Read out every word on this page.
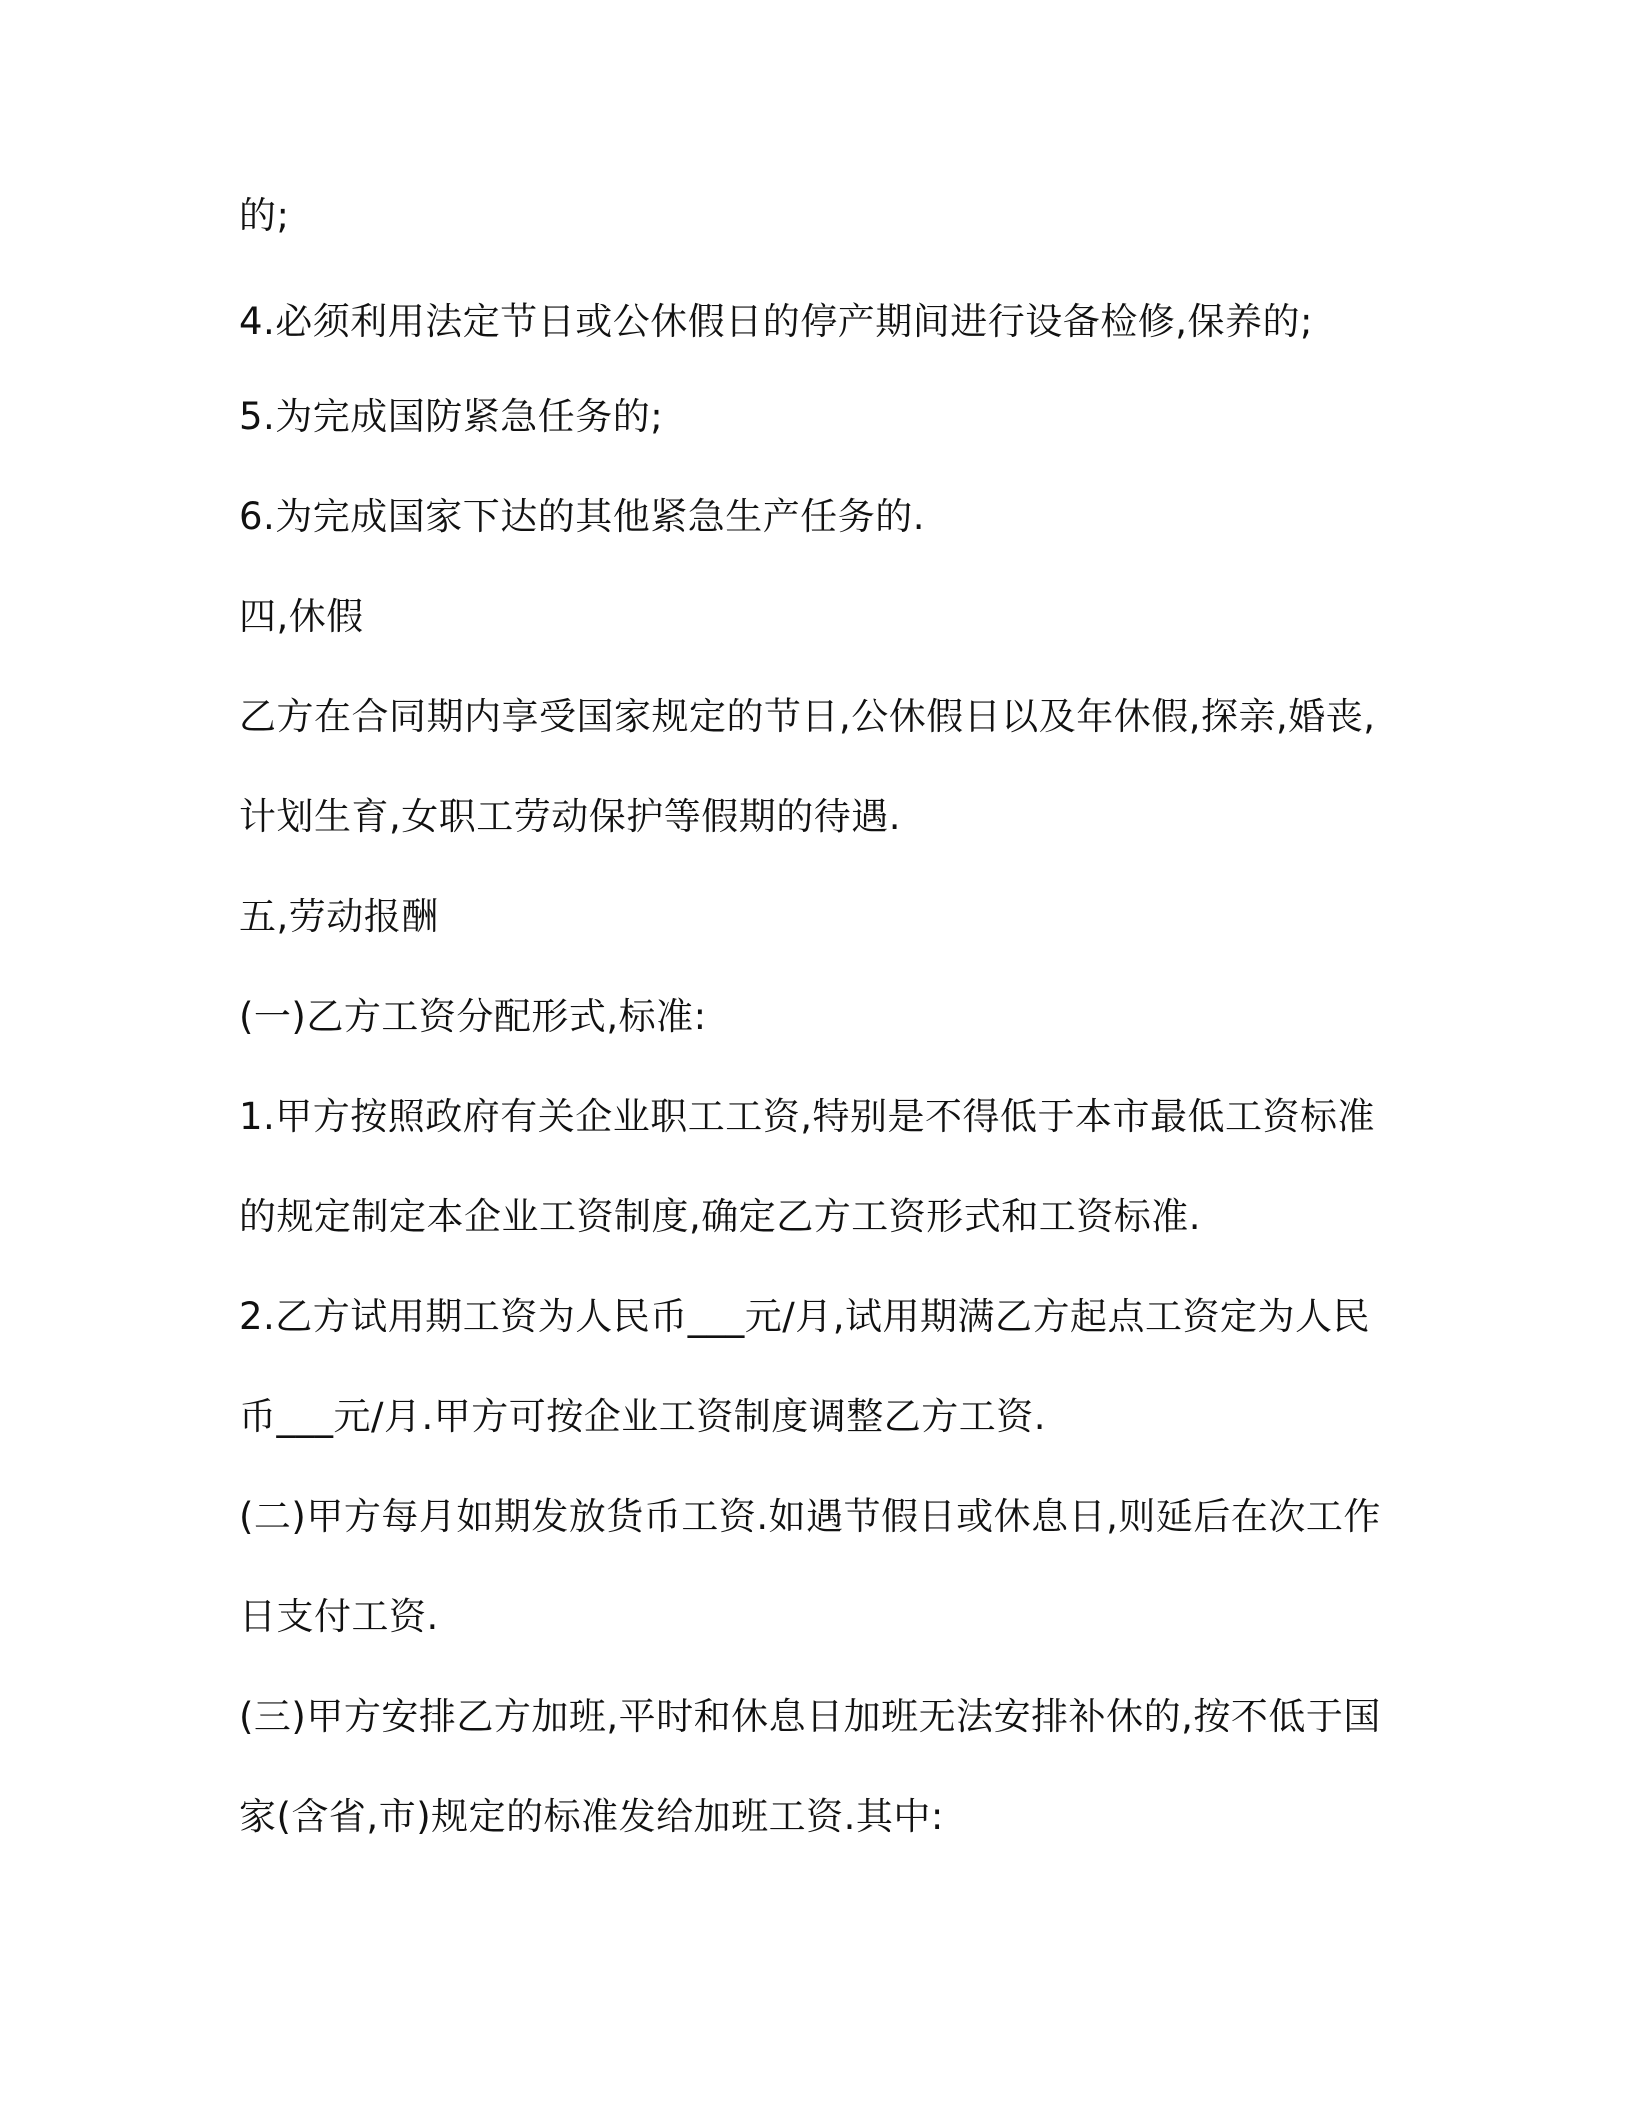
的;
4.必须利用法定节日或公休假日的停产期间进行设备检修,保养的;
5.为完成国防紧急任务的;
6.为完成国家下达的其他紧急生产任务的.
四,休假
乙方在合同期内享受国家规定的节日,公休假日以及年休假,探亲,婚丧,
计划生育,女职工劳动保护等假期的待遇.
五,劳动报酬
(一)乙方工资分配形式,标准:
1.甲方按照政府有关企业职工工资,特别是不得低于本市最低工资标准
的规定制定本企业工资制度,确定乙方工资形式和工资标准.
2.乙方试用期工资为人民币___元/月,试用期满乙方起点工资定为人民
币___元/月.甲方可按企业工资制度调整乙方工资.
(二)甲方每月如期发放货币工资.如遇节假日或休息日,则延后在次工作
日支付工资.
(三)甲方安排乙方加班,平时和休息日加班无法安排补休的,按不低于国
家(含省,市)规定的标准发给加班工资.其中:
